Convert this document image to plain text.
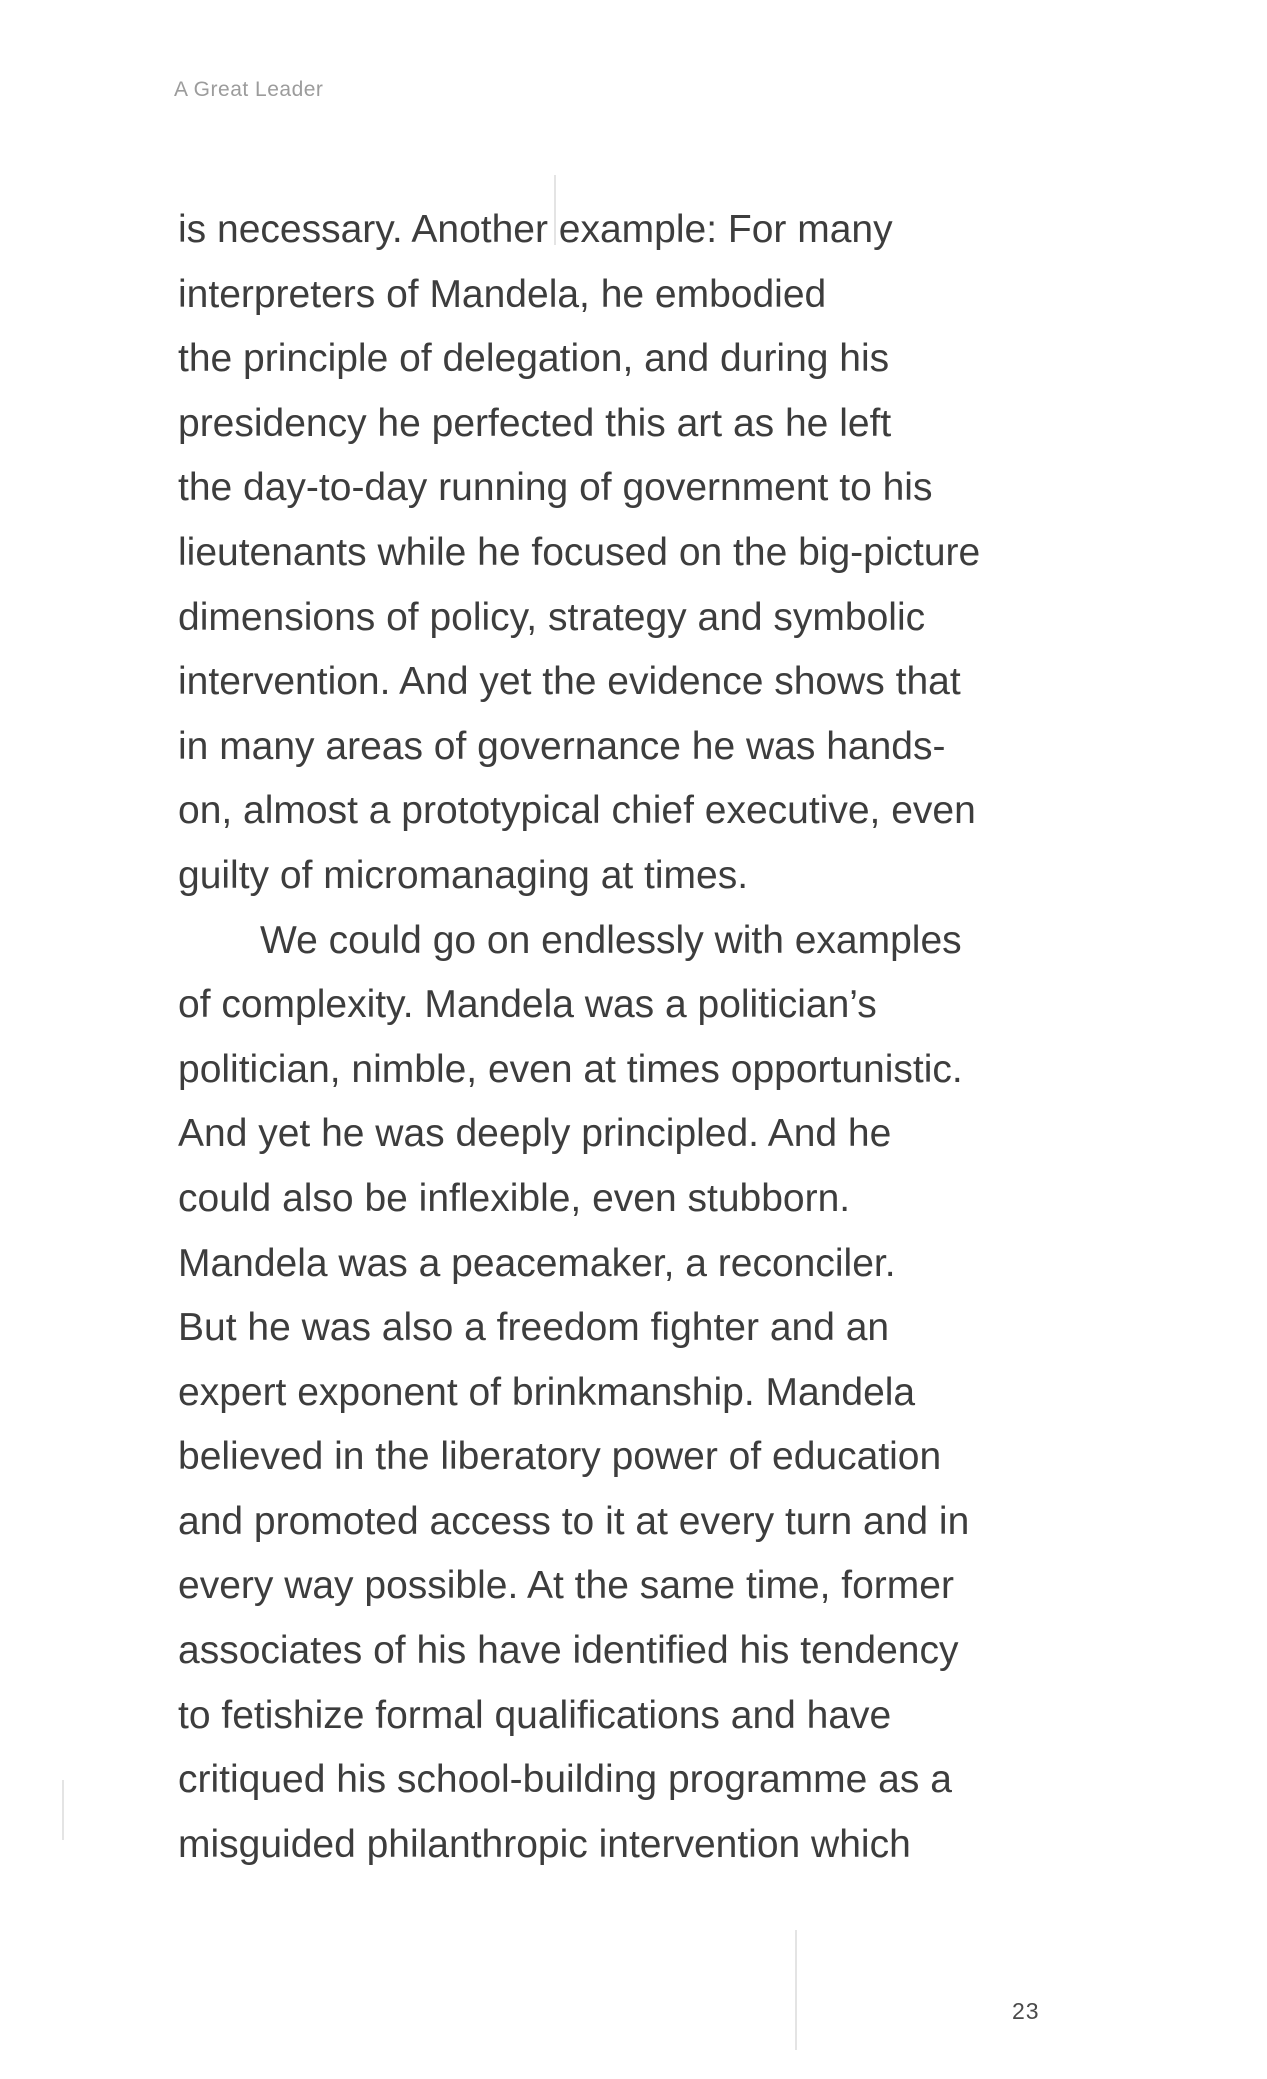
A Great Leader
is necessary. Another example: For many
interpreters of Mandela, he embodied
the principle of delegation, and during his
presidency he perfected this art as he left
the day-to-day running of government to his
lieutenants while he focused on the big-picture
dimensions of policy, strategy and symbolic
intervention. And yet the evidence shows that
in many areas of governance he was hands-
on, almost a prototypical chief executive, even
guilty of micromanaging at times.
We could go on endlessly with examples
of complexity. Mandela was a politician’s
politician, nimble, even at times opportunistic.
And yet he was deeply principled. And he
could also be inflexible, even stubborn.
Mandela was a peacemaker, a reconciler.
But he was also a freedom fighter and an
expert exponent of brinkmanship. Mandela
believed in the liberatory power of education
and promoted access to it at every turn and in
every way possible. At the same time, former
associates of his have identified his tendency
to fetishize formal qualifications and have
critiqued his school-building programme as a
misguided philanthropic intervention which
23
